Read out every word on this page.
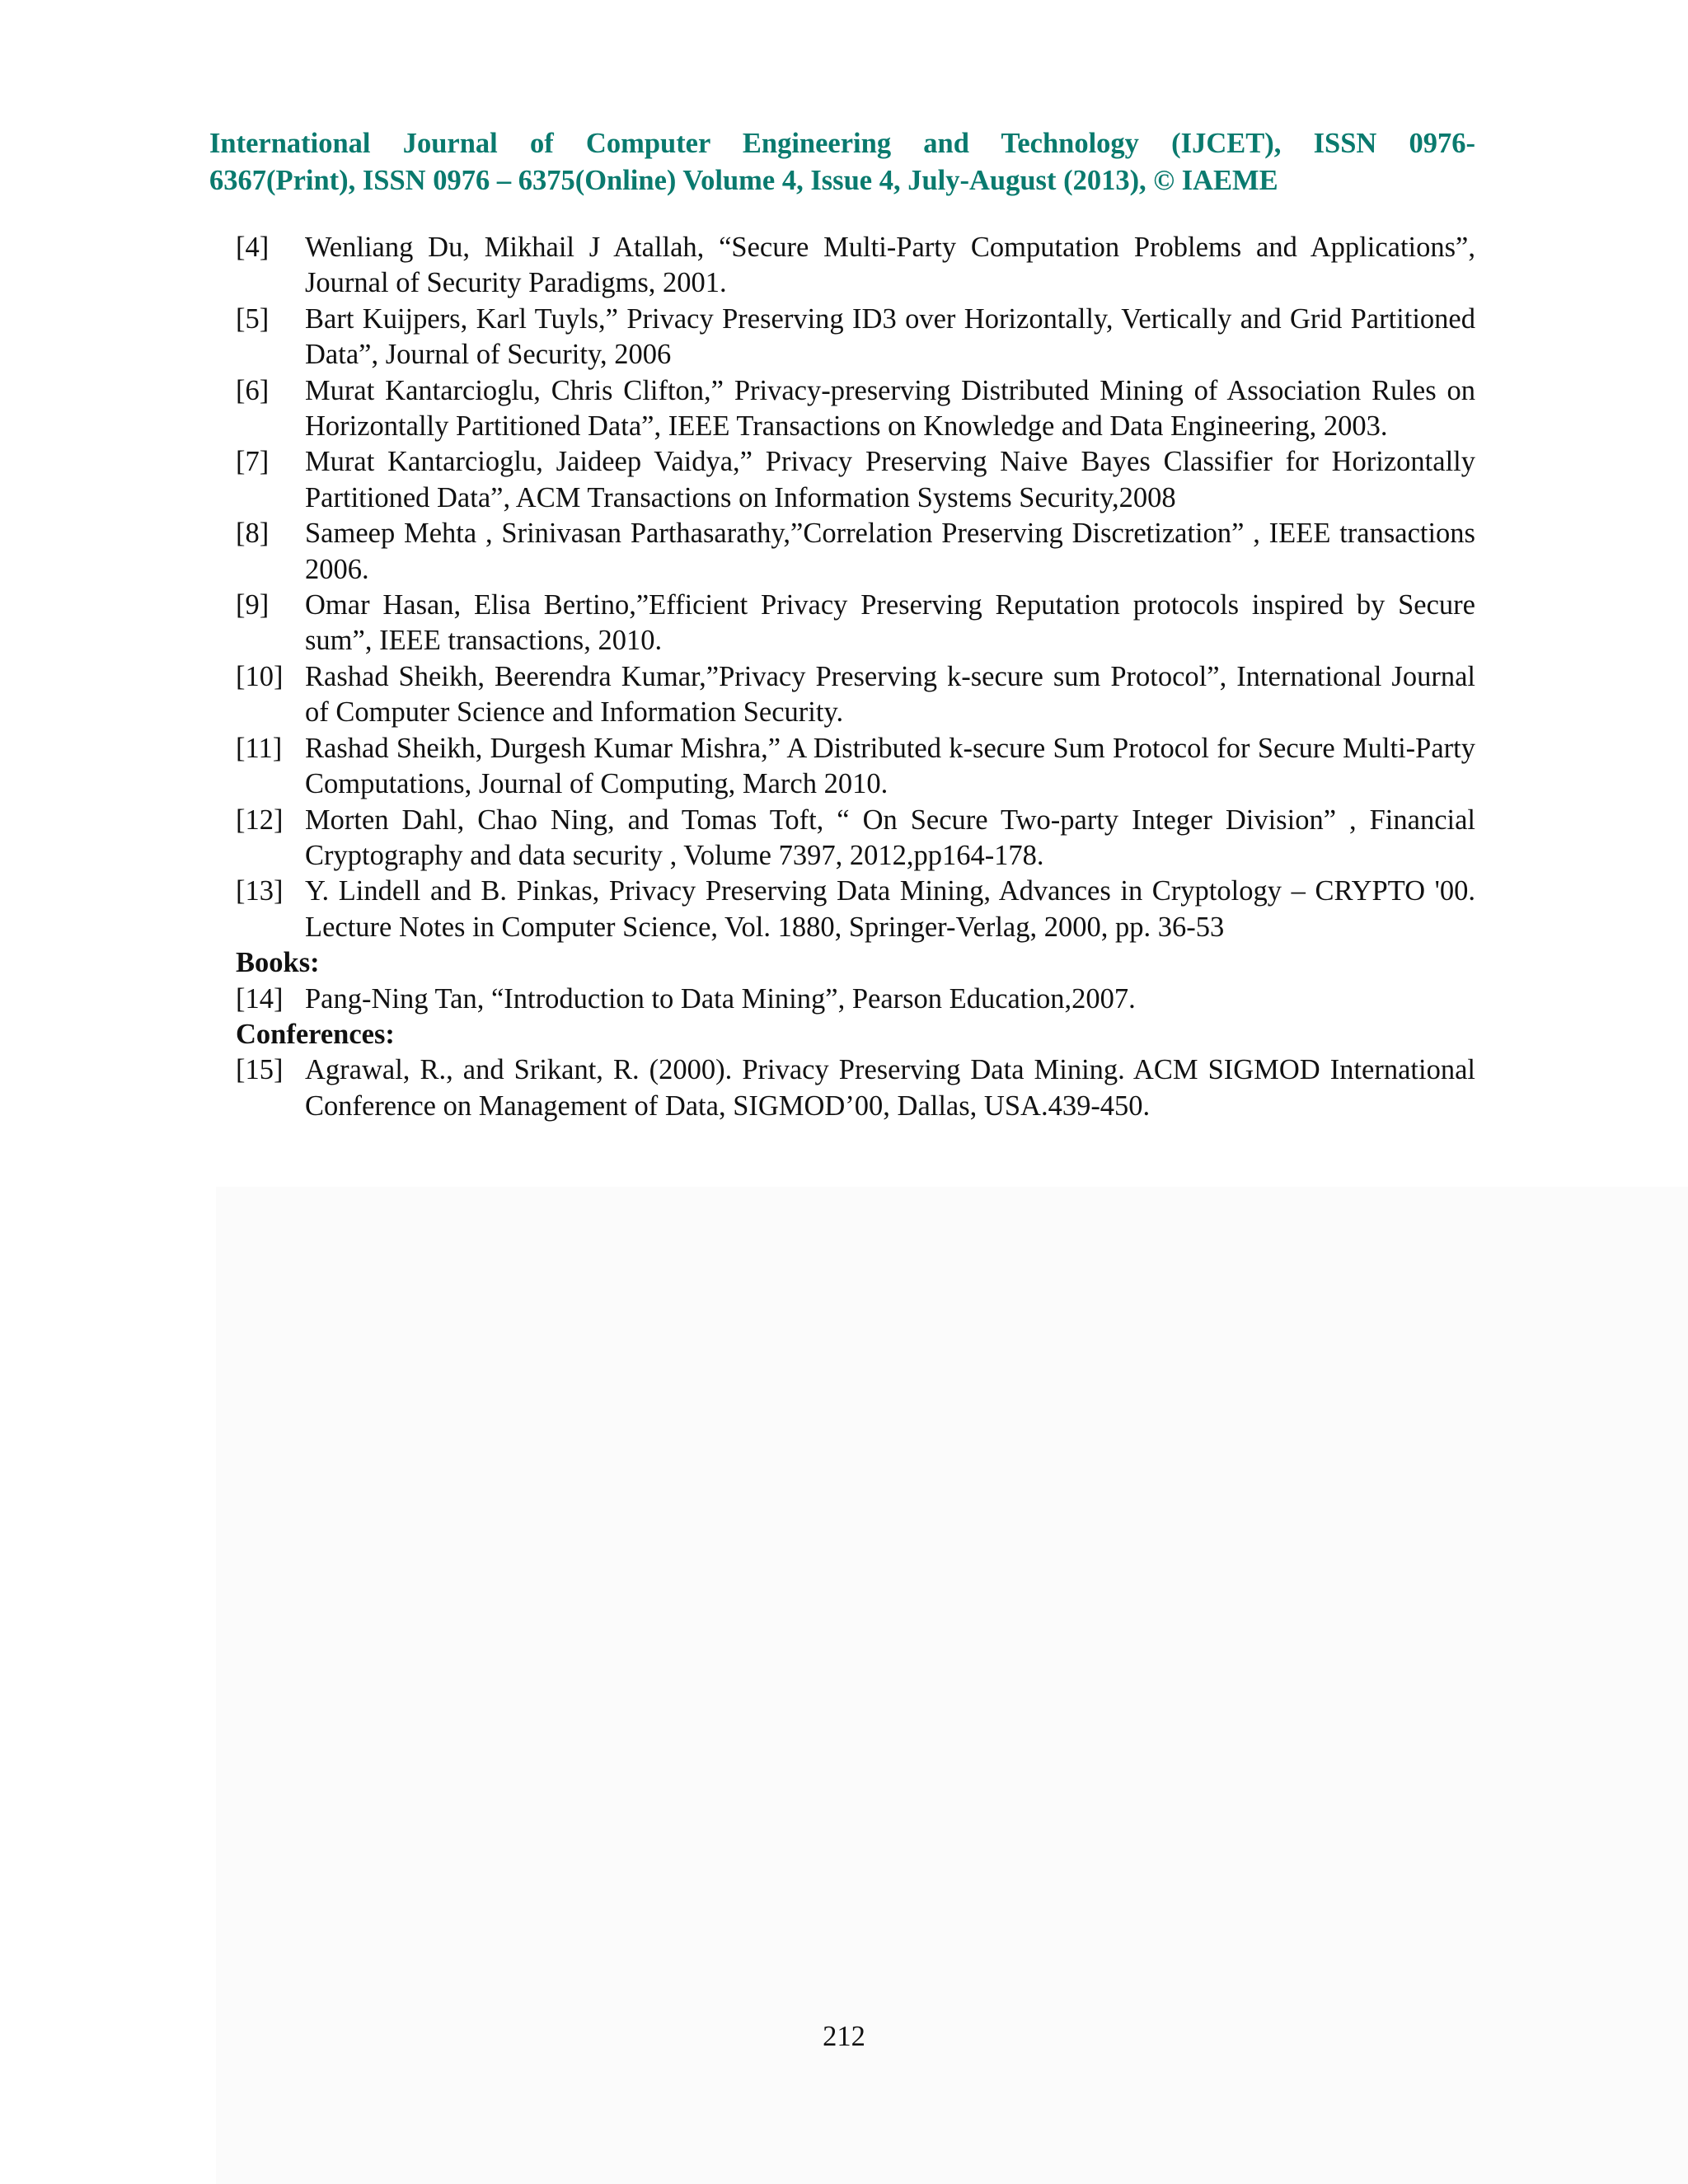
International Journal of Computer Engineering and Technology (IJCET), ISSN 0976-
6367(Print), ISSN 0976 – 6375(Online) Volume 4, Issue 4, July-August (2013), © IAEME
[4] Wenliang Du, Mikhail J Atallah, “Secure Multi-Party Computation Problems and Applications”, Journal of Security Paradigms, 2001.
[5] Bart Kuijpers, Karl Tuyls,” Privacy Preserving ID3 over Horizontally, Vertically and Grid Partitioned Data”, Journal of Security, 2006
[6] Murat Kantarcioglu, Chris Clifton,” Privacy-preserving Distributed Mining of Association Rules on Horizontally Partitioned Data”, IEEE Transactions on Knowledge and Data Engineering, 2003.
[7] Murat Kantarcioglu, Jaideep Vaidya,” Privacy Preserving Naive Bayes Classifier for Horizontally Partitioned Data”, ACM Transactions on Information Systems Security,2008
[8] Sameep Mehta , Srinivasan Parthasarathy,”Correlation Preserving Discretization” , IEEE transactions 2006.
[9] Omar Hasan, Elisa Bertino,”Efficient Privacy Preserving Reputation protocols inspired by Secure sum”, IEEE transactions, 2010.
[10] Rashad Sheikh, Beerendra Kumar,”Privacy Preserving k-secure sum Protocol”, International Journal of Computer Science and Information Security.
[11] Rashad Sheikh, Durgesh Kumar Mishra,” A Distributed k-secure Sum Protocol for Secure Multi-Party Computations, Journal of Computing, March 2010.
[12] Morten Dahl, Chao Ning, and Tomas Toft, “ On Secure Two-party Integer Division” , Financial Cryptography and data security , Volume 7397, 2012,pp164-178.
[13] Y. Lindell and B. Pinkas, Privacy Preserving Data Mining, Advances in Cryptology – CRYPTO '00. Lecture Notes in Computer Science, Vol. 1880, Springer-Verlag, 2000, pp. 36-53
Books:
[14] Pang-Ning Tan, “Introduction to Data Mining”, Pearson Education,2007.
Conferences:
[15] Agrawal, R., and Srikant, R. (2000). Privacy Preserving Data Mining. ACM SIGMOD International Conference on Management of Data, SIGMOD’00, Dallas, USA.439-450.
212
